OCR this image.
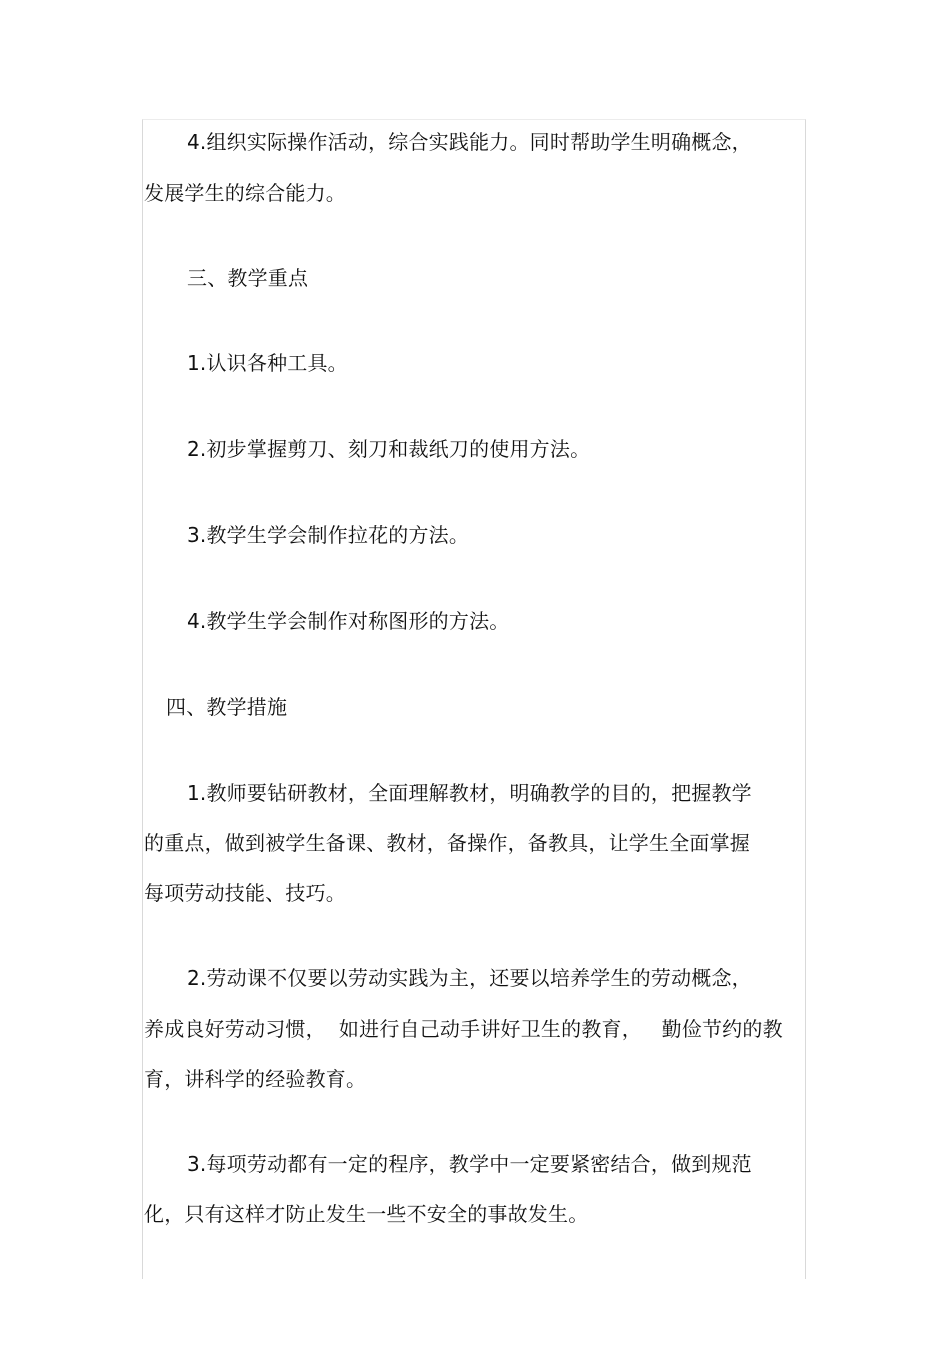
4.组织实际操作活动，综合实践能力。同时帮助学生明确概念，
发展学生的综合能力。
三、教学重点
1.认识各种工具。
2.初步掌握剪刀、刻刀和裁纸刀的使用方法。
3.教学生学会制作拉花的方法。
4.教学生学会制作对称图形的方法。
四、教学措施
1.教师要钻研教材，全面理解教材，明确教学的目的，把握教学
的重点，做到被学生备课、教材，备操作，备教具，让学生全面掌握
每项劳动技能、技巧。
2.劳动课不仅要以劳动实践为主，还要以培养学生的劳动概念，
养成良好劳动习惯，  如进行自己动手讲好卫生的教育，   勤俭节约的教
育，讲科学的经验教育。
3.每项劳动都有一定的程序，教学中一定要紧密结合，做到规范
化，只有这样才防止发生一些不安全的事故发生。
